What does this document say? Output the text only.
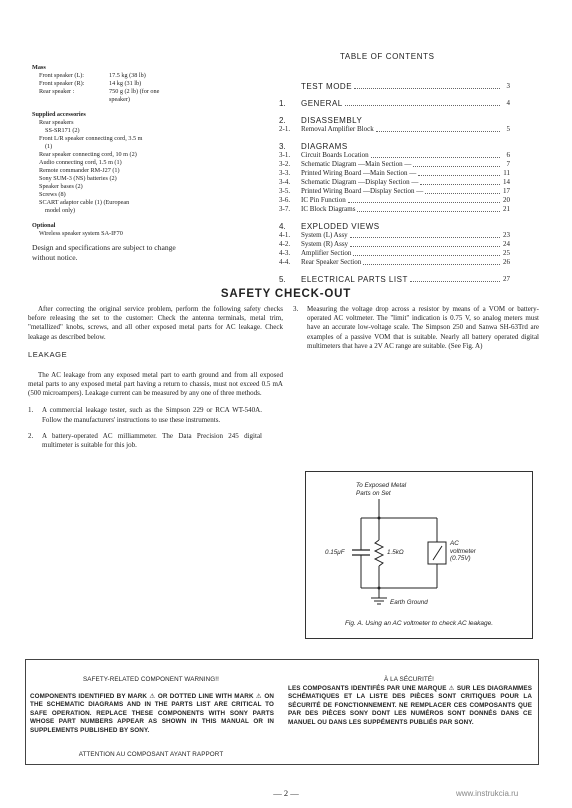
Mass
Front speaker (L):	17.5 kg (38 lb)
Front speaker (R):	14 kg (31 lb)
Rear speaker :	750 g (2 lb) (for one
speaker)
Supplied accessories
Rear speakers
SS-SR171 (2)
Front L/R speaker connecting cord, 3.5 m
(1)
Rear speaker connecting cord, 10 m (2)
Audio connecting cord, 1.5 m (1)
Remote commander RM-J27 (1)
Sony SUM-3 (NS) batteries (2)
Speaker bases (2)
Screws (8)
SCART adaptor cable (1) (European
model only)
Optional
Wireless speaker system SA-IF70
Design and specifications are subject to change without notice.
TABLE OF CONTENTS
TEST MODE	3
1.	GENERAL	4
2.	DISASSEMBLY
2-1.	Removal Amplifier Block	5
3.	DIAGRAMS
3-1.	Circuit Boards Location	6
3-2.	Schematic Diagram —Main Section —	7
3-3.	Printed Wiring Board —Main Section —	11
3-4.	Schematic Diagram —Display Section —	14
3-5.	Printed Wiring Board —Display Section —	17
3-6.	IC Pin Function	20
3-7.	IC Block Diagrams	21
4.	EXPLODED VIEWS
4-1.	System (L) Assy	23
4-2.	System (R) Assy	24
4-3.	Amplifier Section	25
4-4.	Rear Speaker Section	26
5.	ELECTRICAL PARTS LIST	27
SAFETY CHECK-OUT
After correcting the original service problem, perform the following safety checks before releasing the set to the customer: Check the antenna terminals, metal trim, "metallized" knobs, screws, and all other exposed metal parts for AC leakage. Check leakage as described below.
LEAKAGE
The AC leakage from any exposed metal part to earth ground and from all exposed metal parts to any exposed metal part having a return to chassis, must not exceed 0.5 mA (500 microampers). Leakage current can be measured by any one of three methods.
1.	A commercial leakage tester, such as the Simpson 229 or RCA WT-540A. Follow the manufacturers' instructions to use these instruments.
2.	A battery-operated AC milliammeter. The Data Precision 245 digital multimeter is suitable for this job.
3.	Measuring the voltage drop across a resistor by means of a VOM or battery-operated AC voltmeter. The "limit" indication is 0.75 V, so analog meters must have an accurate low-voltage scale. The Simpson 250 and Sanwa SH-63Trd are examples of a passive VOM that is suitable. Nearly all battery operated digital multimeters that have a 2V AC range are suitable. (See Fig. A)
To Exposed Metal
Parts on Set
0.15μF	1.5kΩ
AC
voltmeter
(0.75V)
Earth Ground
Fig. A. Using an AC voltmeter to check AC leakage.
SAFETY-RELATED COMPONENT WARNING!!
COMPONENTS IDENTIFIED BY MARK ⚠ OR DOTTED LINE WITH MARK ⚠ ON THE SCHEMATIC DIAGRAMS AND IN THE PARTS LIST ARE CRITICAL TO SAFE OPERATION. REPLACE THESE COMPONENTS WITH SONY PARTS WHOSE PART NUMBERS APPEAR AS SHOWN IN THIS MANUAL OR IN SUPPLEMENTS PUBLISHED BY SONY.
ATTENTION AU COMPOSANT AYANT RAPPORT
À LA SÉCURITÉ!
LES COMPOSANTS IDENTIFÉS PAR UNE MARQUE ⚠ SUR LES DIAGRAMMES SCHÉMATIQUES ET LA LISTE DES PIÈCES SONT CRITIQUES POUR LA SÉCURITÉ DE FONCTIONNEMENT. NE REMPLACER CES COMPOSANTS QUE PAR DES PIÈCES SONY DONT LES NUMÉROS SONT DONNÉS DANS CE MANUEL OU DANS LES SUPPÉMENTS PUBLIÉS PAR SONY.
— 2 —	www.instrukcia.ru
